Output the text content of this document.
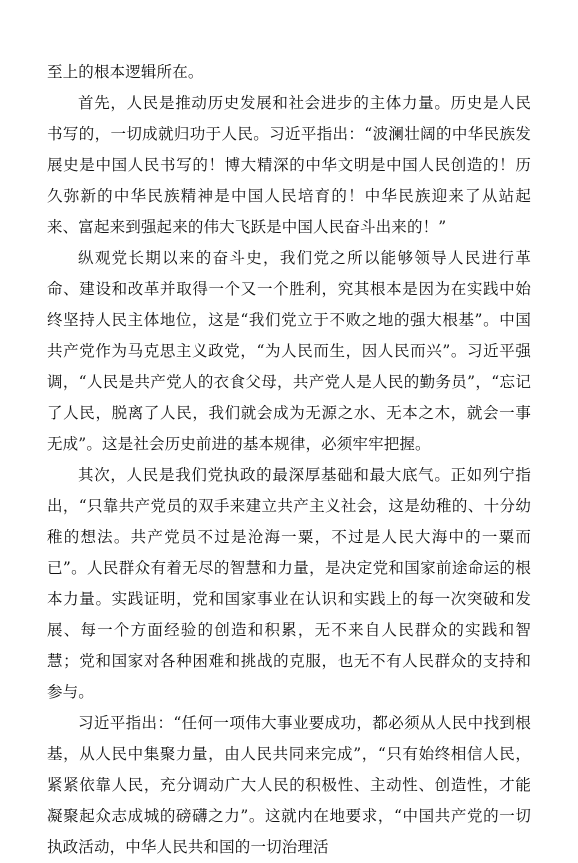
至上的根本逻辑所在。

首先，人民是推动历史发展和社会进步的主体力量。历史是人民书写的，一切成就归功于人民。习近平指出：“波澜壮阔的中华民族发展史是中国人民书写的！博大精深的中华文明是中国人民创造的！历久弥新的中华民族精神是中国人民培育的！中华民族迎来了从站起来、富起来到强起来的伟大飞跃是中国人民奋斗出来的！”

纵观党长期以来的奋斗史，我们党之所以能够领导人民进行革命、建设和改革并取得一个又一个胜利，究其根本是因为在实践中始终坚持人民主体地位，这是“我们党立于不败之地的强大根基”。中国共产党作为马克思主义政党，“为人民而生，因人民而兴”。习近平强调，“人民是共产党人的衣食父母，共产党人是人民的勤务员”，“忘记了人民，脱离了人民，我们就会成为无源之水、无本之木，就会一事无成”。这是社会历史前进的基本规律，必须牢牢把握。

其次，人民是我们党执政的最深厚基础和最大底气。正如列宁指出，“只靠共产党员的双手来建立共产主义社会，这是幼稚的、十分幼稚的想法。共产党员不过是沧海一粟，不过是人民大海中的一粟而已”。人民群众有着无尽的智慧和力量，是决定党和国家前途命运的根本力量。实践证明，党和国家事业在认识和实践上的每一次突破和发展、每一个方面经验的创造和积累，无不来自人民群众的实践和智慧；党和国家对各种困难和挑战的克服，也无不有人民群众的支持和参与。

习近平指出：“任何一项伟大事业要成功，都必须从人民中找到根基，从人民中集聚力量，由人民共同来完成”，“只有始终相信人民，紧紧依靠人民，充分调动广大人民的积极性、主动性、创造性，才能凝聚起众志成城的磅礴之力”。这就内在地要求，“中国共产党的一切执政活动，中华人民共和国的一切治理活
